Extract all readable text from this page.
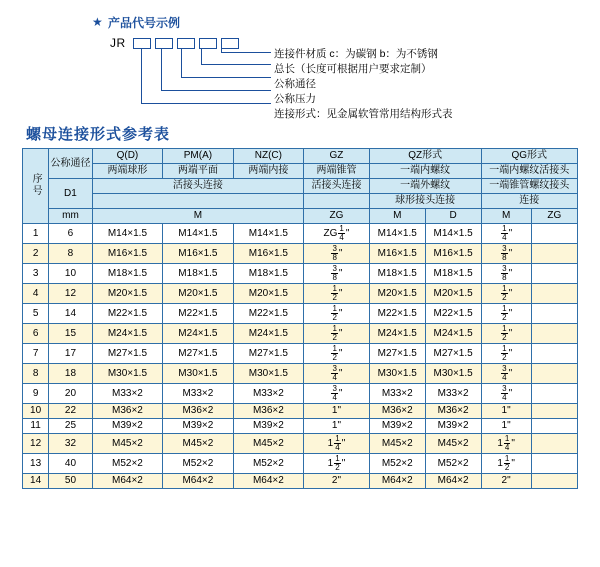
★ 产品代号示例
JR
连接件材质 c：为碳钢 b：为不锈钢
总长（长度可根据用户要求定制）
公称通径
公称压力
连接形式：见金属软管常用结构形式表
螺母连接形式参考表
序号	公称通径	Q(D)	PM(A)	NZ(C)	GZ	QZ形式		QG形式	
		两端球形	两端平面	两端内接	两端锥管	一端内螺纹		一端内螺纹活接头	
	D1	活接头连接			活接头连接	一端外螺纹		一端锥管螺纹接头	
						球形接头连接		连接	
	mm	M			ZG	M	D	M	ZG
1	6	M14×1.5	M14×1.5	M14×1.5	ZG $\frac{1}{4}$ "	M14×1.5	M14×1.5	$\frac{1}{4}$ "	
2	8	M16×1.5	M16×1.5	M16×1.5	$\frac{3}{8}$ "	M16×1.5	M16×1.5	$\frac{3}{8}$ "	
3	10	M18×1.5	M18×1.5	M18×1.5	$\frac{3}{8}$ "	M18×1.5	M18×1.5	$\frac{3}{8}$ "	
4	12	M20×1.5	M20×1.5	M20×1.5	$\frac{1}{2}$ "	M20×1.5	M20×1.5	$\frac{1}{2}$ "	
5	14	M22×1.5	M22×1.5	M22×1.5	$\frac{1}{2}$ "	M22×1.5	M22×1.5	$\frac{1}{2}$ "	
6	15	M24×1.5	M24×1.5	M24×1.5	$\frac{1}{2}$ "	M24×1.5	M24×1.5	$\frac{1}{2}$ "	
7	17	M27×1.5	M27×1.5	M27×1.5	$\frac{1}{2}$ "	M27×1.5	M27×1.5	$\frac{1}{2}$ "	
8	18	M30×1.5	M30×1.5	M30×1.5	$\frac{3}{4}$ "	M30×1.5	M30×1.5	$\frac{3}{4}$ "	
9	20	M33×2	M33×2	M33×2	$\frac{3}{4}$ "	M33×2	M33×2	$\frac{3}{4}$ "	
10	22	M36×2	M36×2	M36×2	1"	M36×2	M36×2	1"	
11	25	M39×2	M39×2	M39×2	1"	M39×2	M39×2	1"	
12	32	M45×2	M45×2	M45×2	$1 \frac{1}{4}$ "	M45×2	M45×2	$1 \frac{1}{4}$ "	
13	40	M52×2	M52×2	M52×2	$1 \frac{1}{2}$ "	M52×2	M52×2	$1 \frac{1}{2}$ "	
14	50	M64×2	M64×2	M64×2	2"	M64×2	M64×2	2"	
